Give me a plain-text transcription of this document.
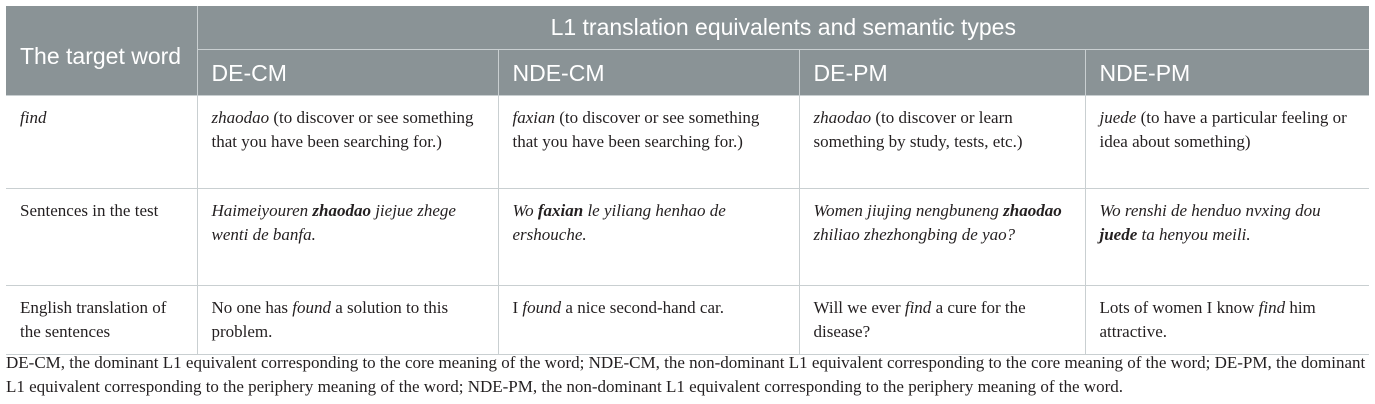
The target word	L1 translation equivalents and semantic types			
	DE-CM	NDE-CM	DE-PM	NDE-PM
find	zhaodao (to discover or see something that you have been searching for.)	faxian (to discover or see something that you have been searching for.)	zhaodao (to discover or learn something by study, tests, etc.)	juede (to have a particular feeling or idea about something)
Sentences in the test	Haimeiyouren zhaodao jiejue zhege wenti de banfa.	Wo faxian le yiliang henhao de ershouche.	Women jiujing nengbuneng zhaodao zhiliao zhezhongbing de yao?	Wo renshi de henduo nvxing dou juede ta henyou meili.
English translation of the sentences	No one has found a solution to this problem.	I found a nice second-hand car.	Will we ever find a cure for the disease?	Lots of women I know find him attractive.
DE-CM, the dominant L1 equivalent corresponding to the core meaning of the word; NDE-CM, the non-dominant L1 equivalent corresponding to the core meaning of the word; DE-PM, the dominant L1 equivalent corresponding to the periphery meaning of the word; NDE-PM, the non-dominant L1 equivalent corresponding to the periphery meaning of the word.
